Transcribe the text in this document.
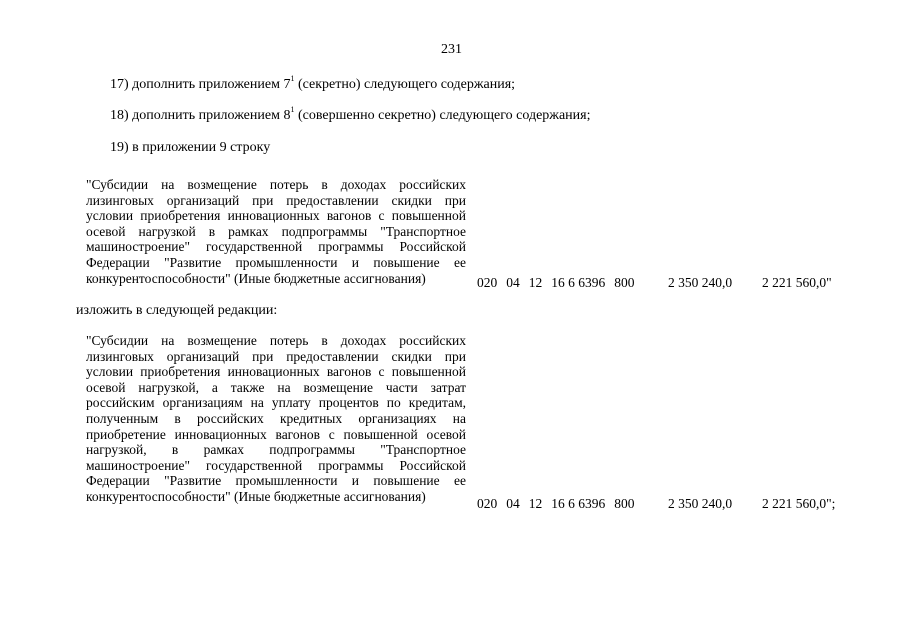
231
17) дополнить приложением $7^1$ (секретно) следующего содержания;
18) дополнить приложением $8^1$ (совершенно секретно) следующего содержания;
19) в приложении 9 строку
"Субсидии на возмещение потерь в доходах российских лизинговых организаций при предоставлении скидки при условии приобретения инновационных вагонов с повышенной осевой нагрузкой в рамках подпрограммы "Транспортное машиностроение" государственной программы Российской Федерации "Развитие промышленности и повышение ее конкурентоспособности" (Иные бюджетные ассигнования)	020 04 12 16 6 6396 800 2 350 240,0 2 221 560,0"
изложить в следующей редакции:
"Субсидии на возмещение потерь в доходах российских лизинговых организаций при предоставлении скидки при условии приобретения инновационных вагонов с повышенной осевой нагрузкой, а также на возмещение части затрат российским организациям на уплату процентов по кредитам, полученным в российских кредитных организациях на приобретение инновационных вагонов с повышенной осевой нагрузкой, в рамках подпрограммы "Транспортное машиностроение" государственной программы Российской Федерации "Развитие промышленности и повышение ее конкурентоспособности" (Иные бюджетные ассигнования)	020 04 12 16 6 6396 800 2 350 240,0 2 221 560,0";
